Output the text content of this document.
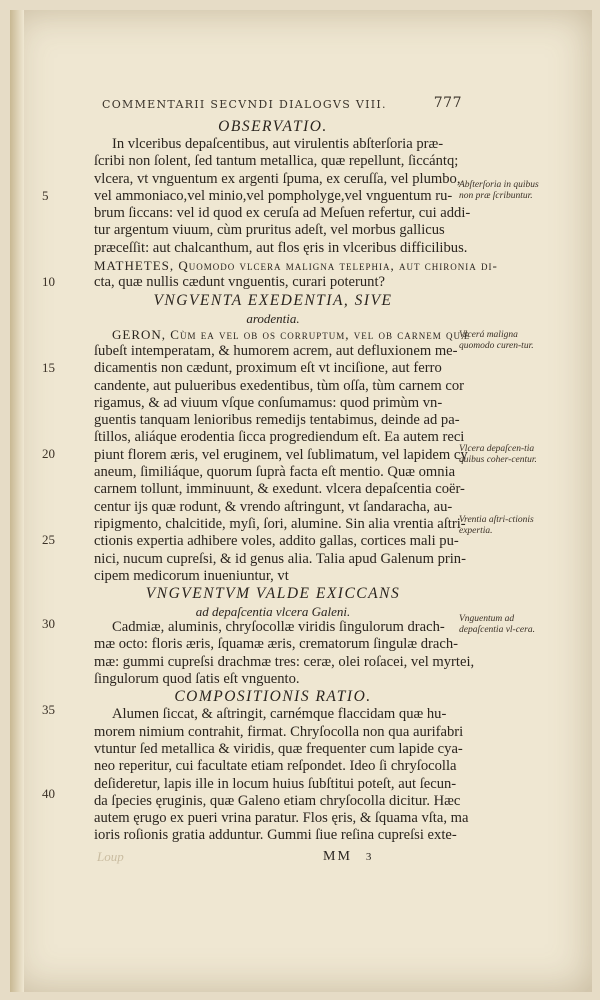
COMMENTARII SECVNDI DIALOGVS VIII.	777
OBSERVATIO.
In vlceribus depaſcentibus, aut virulentis abſterſoria præ-
ſcribi non ſolent, ſed tantum metallica, quæ repellunt, ſiccántq;
vlcera, vt vnguentum ex argenti ſpuma, ex ceruſſa, vel plumbo,
vel ammoniaco,vel minio,vel pompholyge,vel vnguentum ru-
brum ſiccans: vel id quod ex ceruſa ad Meſuen refertur, cui addi-
tur argentum viuum, cùm pruritus adeſt, vel morbus gallicus
præceſſit: aut chalcanthum, aut flos ęris in vlceribus difficilibus.
MATHETES, Quomodo vlcera maligna telephia, aut chironia di-
cta, quæ nullis cædunt vnguentis, curari poterunt?
VNGVENTA EXEDENTIA, SIVE
arodentia.
GERON, Cùm ea vel ob os corruptum, vel ob carnem quæ
ſubeſt intemperatam, & humorem acrem, aut defluxionem me-
dicamentis non cædunt, proximum eſt vt inciſione, aut ferro
candente, aut pulueribus exedentibus, tùm oſſa, tùm carnem cor
rigamus, & ad viuum vſque conſumamus: quod primùm vn-
guentis tanquam lenioribus remedijs tentabimus, deinde ad pa-
ſtillos, aliáque erodentia ſicca progrediendum eſt. Ea autem reci
piunt florem æris, vel eruginem, vel ſublimatum, vel lapidem cy
aneum, ſimiliáque, quorum ſuprà facta eſt mentio. Quæ omnia
carnem tollunt, imminuunt, & exedunt. vlcera depaſcentia coër-
centur ijs quæ rodunt, & vrendo aſtringunt, vt ſandaracha, au-
ripigmento, chalcitide, myſi, ſori, alumine. Sin alia vrentia aſtri-
ctionis expertia adhibere voles, addito gallas, cortices mali pu-
nici, nucum cupreſsi, & id genus alia. Talia apud Galenum prin-
cipem medicorum inueniuntur, vt
VNGVENTVM VALDE EXICCANS
ad depaſcentia vlcera Galeni.
Cadmiæ, aluminis, chryſocollæ viridis ſingulorum drach-
mæ octo: floris æris, ſquamæ æris, crematorum ſingulæ drach-
mæ: gummi cupreſsi drachmæ tres: ceræ, olei roſacei, vel myrtei,
ſingulorum quod ſatis eſt vnguento.
COMPOSITIONIS RATIO.
Alumen ſiccat, & aſtringit, carnémque flaccidam quæ hu-
morem nimium contrahit, firmat. Chryſocolla non qua aurifabri
vtuntur ſed metallica & viridis, quæ frequenter cum lapide cya-
neo reperitur, cui facultate etiam reſpondet. Ideo ſi chryſocolla
deſideretur, lapis ille in locum huius ſubſtitui poteſt, aut ſecun-
da ſpecies ęruginis, quæ Galeno etiam chryſocolla dicitur. Hæc
autem ęrugo ex pueri vrina paratur. Flos ęris, & ſquama vſta, ma
ioris roſionis gratia adduntur. Gummi ſiue reſina cupreſsi exte-
5
10
15
20
25
30
35
40
Abſterſoria in quibus non præ ſcribuntur.
Vlcerá maligna quomodo curen-tur.
Vlcera depaſcen-tia quibus coher-centur.
Vrentia aſtri-ctionis expertia.
Vnguentum ad depaſcentia vl-cera.
Loup	MM 3
